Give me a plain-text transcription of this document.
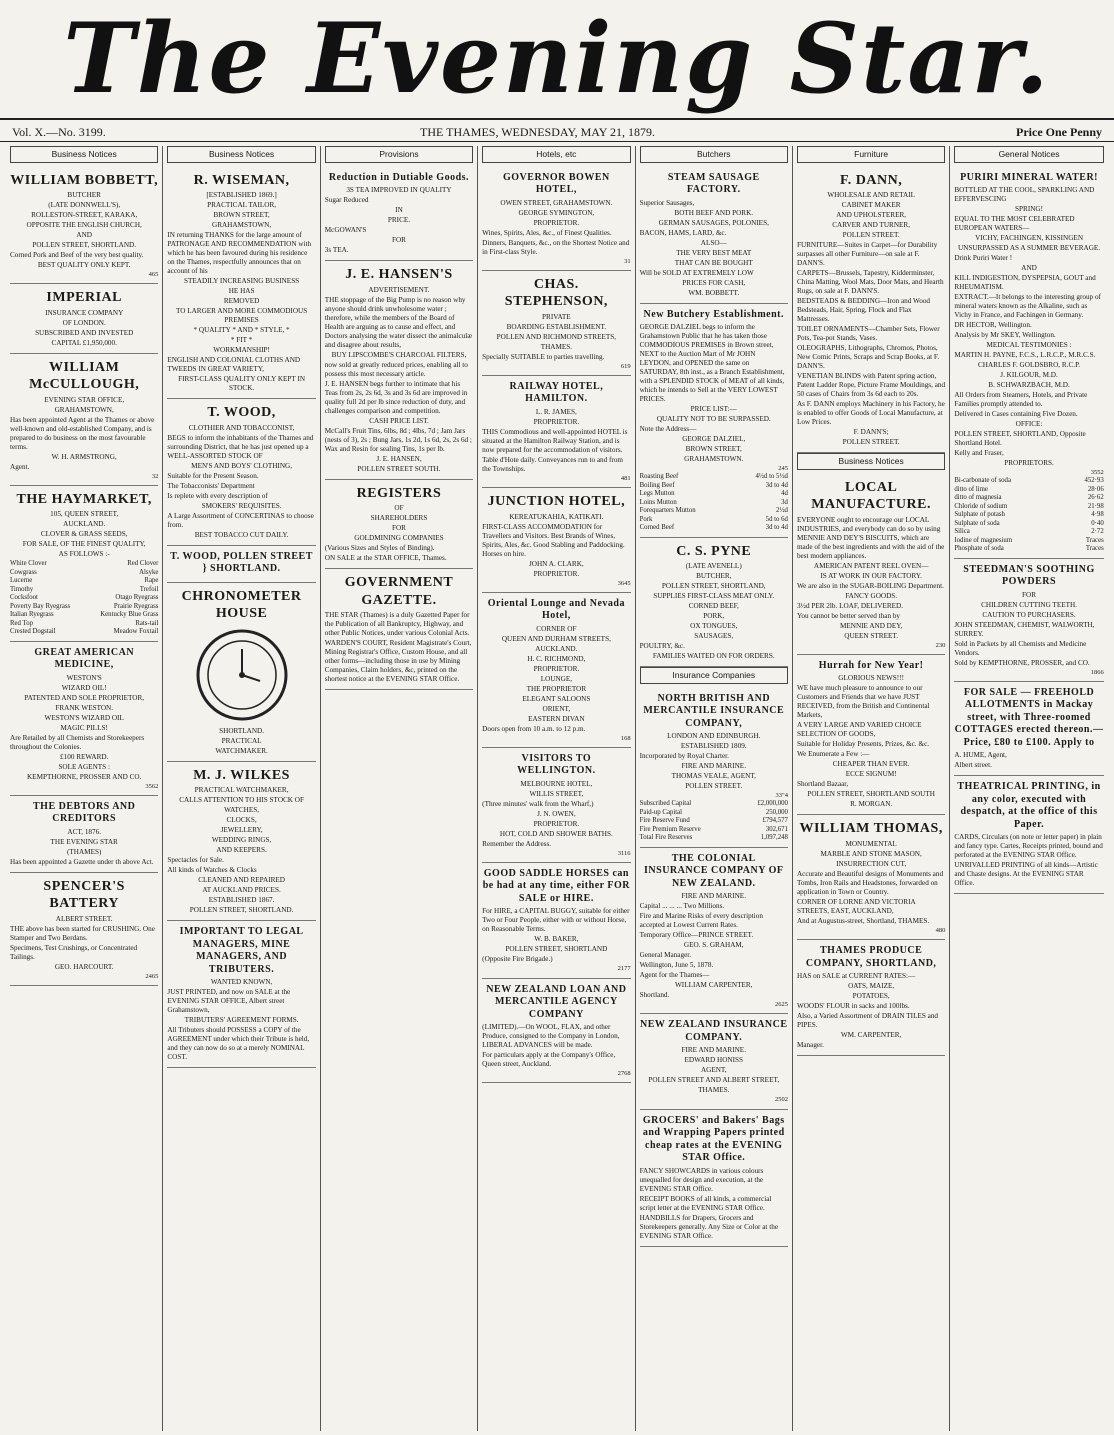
The Evening Star.
Vol. X.—No. 3199.	THE THAMES, WEDNESDAY, MAY 21, 1879.	Price One Penny
Business Notices
WILLIAM BOBBETT,

BUTCHER

(LATE DONNWELL'S),

ROLLESTON-STREET, KARAKA,

OPPOSITE THE ENGLISH CHURCH,

AND

POLLEN STREET, SHORTLAND.

Corned Pork and Beef of the very best quality.

BEST QUALITY ONLY KEPT.

465
IMPERIAL

INSURANCE COMPANY

OF LONDON.

SUBSCRIBED AND INVESTED

CAPITAL £1,950,000.

WILLIAM McCULLOUGH,

EVENING STAR OFFICE,

GRAHAMSTOWN,

Has been appointed Agent at the Thames or above well-known and old-established Company, and is prepared to do business on the most favourable terms.

W. H. ARMSTRONG,

Agent.

32
THE HAYMARKET,

105, QUEEN STREET,

AUCKLAND.

CLOVER & GRASS SEEDS,

FOR SALE, OF THE FINEST QUALITY,

AS FOLLOWS :-

White Clover	Red Clover
Cowgrass	Alsyke
Lucerne	Rape
Timothy	Trefoil
Cocksfoot	Otago Ryegrass
Poverty Bay Ryegrass	Prairie Ryegrass
Italian Ryegrass	Kentucky Blue Grass
Red Top	Rats-tail
Crested Dogstail	Meadow Foxtail
GREAT AMERICAN MEDICINE,

WESTON'S

WIZARD OIL!

PATENTED AND SOLE PROPRIETOR,

FRANK WESTON.

WESTON'S WIZARD OIL

MAGIC PILLS!

Are Retailed by all Chemists and Storekeepers throughout the Colonies.

£100 REWARD.

SOLE AGENTS :

KEMPTHORNE, PROSSER AND CO.

3562
THE DEBTORS AND CREDITORS

ACT, 1876.

THE EVENING STAR

(THAMES)

Has been appointed a Gazette under th above Act.

SPENCER'S BATTERY

ALBERT STREET.

THE above has been started for CRUSHING. One Stamper and Two Berdans.

Specimens, Test Crushings, or Concentrated Tailings.

GEO. HARCOURT.

2465
Business Notices
R. WISEMAN,

[ESTABLISHED 1869.]

PRACTICAL TAILOR,

BROWN STREET,

GRAHAMSTOWN,

IN returning THANKS for the large amount of PATRONAGE AND RECOMMENDATION with which he has been favoured during his residence on the Thames, respectfully announces that on account of his

STEADILY INCREASING BUSINESS

HE HAS

REMOVED

TO LARGER AND MORE COMMODIOUS PREMISES

* QUALITY * AND * STYLE, *

* FIT *

WORKMANSHIP!

ENGLISH AND COLONIAL CLOTHS AND TWEEDS IN GREAT VARIETY,

FIRST-CLASS QUALITY ONLY KEPT IN STOCK.

T. WOOD,

CLOTHIER AND TOBACCONIST,

BEGS to inform the inhabitants of the Thames and surrounding District, that he has just opened up a WELL-ASSORTED STOCK OF

MEN'S AND BOYS' CLOTHING,

Suitable for the Present Season.

The Tobacconists' Department

Is replete with every description of

SMOKERS' REQUISITES.

A Large Assortment of CONCERTINAS to choose from.

BEST TOBACCO CUT DAILY.

T. WOOD, POLLEN STREET } SHORTLAND.
CHRONOMETER HOUSE

SHORTLAND.

PRACTICAL

WATCHMAKER.

M. J. WILKES

PRACTICAL WATCHMAKER,

CALLS ATTENTION TO HIS STOCK OF

WATCHES,

CLOCKS,

JEWELLERY,

WEDDING RINGS,

AND KEEPERS.

Spectacles for Sale.

All kinds of Watches & Clocks

CLEANED AND REPAIRED

AT AUCKLAND PRICES.

ESTABLISHED 1867.

POLLEN STREET, SHORTLAND.

IMPORTANT TO LEGAL MANAGERS, MINE MANAGERS, AND TRIBUTERS.

WANTED KNOWN,

JUST PRINTED, and now on SALE at the EVENING STAR OFFICE, Albert street Grahamstown,

TRIBUTERS' AGREEMENT FORMS.

All Tributers should POSSESS a COPY of the AGREEMENT under which their Tribute is held, and they can now do so at a merely NOMINAL COST.

Provisions
Reduction in Dutiable Goods.

3S TEA IMPROVED IN QUALITY

Sugar Reduced

IN

PRICE.

McGOWAN'S

FOR

3s TEA.

J. E. HANSEN'S

ADVERTISEMENT.

THE stoppage of the Big Pump is no reason why anyone should drink unwholesome water ; therefore, while the members of the Board of Health are arguing as to cause and effect, and Doctors analysing the water dissect the animalculæ and disagree about results,

BUY LIPSCOMBE'S CHARCOAL FILTERS,

now sold at greatly reduced prices, enabling all to possess this most necessary article.

J. E. HANSEN begs further to intimate that his Teas from 2s, 2s 6d, 3s and 3s 6d are improved in quality full 2d per lb since reduction of duty, and challenges comparison and competition.

CASH PRICE LIST.

McCall's Fruit Tins, 6lbs, 8d ; 4lbs, 7d ; Jam Jars (nests of 3), 2s ; Bung Jars, 1s 2d, 1s 6d, 2s, 2s 6d ; Wax and Resin for sealing Tins, 1s per lb.

J. E. HANSEN,

POLLEN STREET SOUTH.

REGISTERS

OF

SHAREHOLDERS

FOR

GOLDMINING COMPANIES

(Various Sizes and Styles of Binding).

ON SALE at the STAR OFFICE, Thames.

GOVERNMENT GAZETTE.

THE STAR (Thames) is a duly Gazetted Paper for the Publication of all Bankruptcy, Highway, and other Public Notices, under various Colonial Acts.

WARDEN'S COURT, Resident Magistrate's Court, Mining Registrar's Office, Custom House, and all other forms—including those in use by Mining Companies, Claim holders, &c, printed on the shortest notice at the EVENING STAR Office.

Hotels, etc
GOVERNOR BOWEN HOTEL,

OWEN STREET, GRAHAMSTOWN.

GEORGE SYMINGTON,

PROPRIETOR.

Wines, Spirits, Ales, &c., of Finest Qualities.

Dinners, Banquets, &c., on the Shortest Notice and in First-class Style.

31
CHAS. STEPHENSON,

PRIVATE

BOARDING ESTABLISHMENT.

POLLEN AND RICHMOND STREETS,

THAMES.

Specially SUITABLE to parties travelling.

619
RAILWAY HOTEL, HAMILTON.

L. R. JAMES,

PROPRIETOR.

THIS Commodious and well-appointed HOTEL is situated at the Hamilton Railway Station, and is now prepared for the accommodation of visitors.

Table d'Hote daily. Conveyances run to and from the Townships.

481
JUNCTION HOTEL,

KEREATUKAHIA, KATIKATI.

FIRST-CLASS ACCOMMODATION for Travellers and Visitors. Best Brands of Wines, Spirits, Ales, &c. Good Stabling and Paddocking. Horses on hire.

JOHN A. CLARK,

PROPRIETOR.

3645
Oriental Lounge and Nevada Hotel,

CORNER OF

QUEEN AND DURHAM STREETS,

AUCKLAND.

H. C. RICHMOND,

PROPRIETOR.

LOUNGE,

THE PROPRIETOR

ELEGANT SALOONS

ORIENT,

EASTERN DIVAN

Doors open from 10 a.m. to 12 p.m.

168
VISITORS TO WELLINGTON.

MELBOURNE HOTEL,

WILLIS STREET,

(Three minutes' walk from the Wharf,)

J. N. OWEN,

PROPRIETOR.

HOT, COLD AND SHOWER BATHS.

Remember the Address.

3116
GOOD SADDLE HORSES can be had at any time, either FOR SALE or HIRE.

For HIRE, a CAPITAL BUGGY, suitable for either Two or Four People, either with or without Horse, on Reasonable Terms.

W. B. BAKER,

POLLEN STREET, SHORTLAND

(Opposite Fire Brigade.)

2177
NEW ZEALAND LOAN AND MERCANTILE AGENCY COMPANY

(LIMITED).—On WOOL, FLAX, and other Produce, consigned to the Company in London, LIBERAL ADVANCES will be made.

For particulars apply at the Company's Office, Queen street, Auckland.

2768
Butchers
STEAM SAUSAGE FACTORY.

Superior Sausages,

BOTH BEEF AND PORK.

GERMAN SAUSAGES, POLONIES,

BACON, HAMS, LARD, &c.

ALSO—

THE VERY BEST MEAT

THAT CAN BE BOUGHT

Will be SOLD AT EXTREMELY LOW

PRICES FOR CASH,

WM. BOBBETT.

New Butchery Establishment.

GEORGE DALZIEL begs to inform the Grahamstown Public that he has taken those COMMODIOUS PREMISES in Brown street, NEXT to the Auction Mart of Mr JOHN LEYDON, and OPENED the same on SATURDAY, 8th inst., as a Branch Establishment, with a SPLENDID STOCK of MEAT of all kinds, which he intends to Sell at the VERY LOWEST PRICES.

PRICE LIST:—

QUALITY NOT TO BE SURPASSED.

Note the Address—

GEORGE DALZIEL,

BROWN STREET,

GRAHAMSTOWN.

245
Roasting Beef	4½d to 5½d
Boiling Beef	3d to 4d
Legs Mutton	4d
Loins Mutton	3d
Forequarters Mutton	2½d
Pork	5d to 6d
Corned Beef	3d to 4d
C. S. PYNE

(LATE AVENELL)

BUTCHER,

POLLEN STREET, SHORTLAND,

SUPPLIES FIRST-CLASS MEAT ONLY.

CORNED BEEF,

PORK,

OX TONGUES,

SAUSAGES,

POULTRY, &c.

FAMILIES WAITED ON FOR ORDERS.

Insurance Companies
NORTH BRITISH AND MERCANTILE INSURANCE COMPANY,

LONDON AND EDINBURGH.

ESTABLISHED 1809.

Incorporated by Royal Charter.

FIRE AND MARINE.

THOMAS VEALE, AGENT,

POLLEN STREET.

33"4
Subscribed Capital	£2,000,000
Paid-up Capital	250,000
Fire Reserve Fund	£794,577
Fire Premium Reserve	302,671
Total Fire Reserves	1,097,248
THE COLONIAL INSURANCE COMPANY OF NEW ZEALAND.

FIRE AND MARINE.

Capital ... ... ... Two Millions.

Fire and Marine Risks of every description accepted at Lowest Current Rates.

Temporary Office—PRINCE STREET.

GEO. S. GRAHAM,

General Manager.

Wellington, June 5, 1878.

Agent for the Thames—

WILLIAM CARPENTER,

Shortland.

2625
NEW ZEALAND INSURANCE COMPANY.

FIRE AND MARINE.

EDWARD HONISS

AGENT,

POLLEN STREET AND ALBERT STREET,

THAMES.

2502
GROCERS' and Bakers' Bags and Wrapping Papers printed cheap rates at the EVENING STAR Office.

FANCY SHOWCARDS in various colours unequalled for design and execution, at the EVENING STAR Office.

RECEIPT BOOKS of all kinds, a commercial script letter at the EVENING STAR Office.

HANDBILLS for Drapers, Grocers and Storekeepers generally. Any Size or Color at the EVENING STAR Office.

Furniture
F. DANN,

WHOLESALE AND RETAIL

CABINET MAKER

AND UPHOLSTERER,

CARVER AND TURNER,

POLLEN STREET.

FURNITURE—Suites in Carpet—for Durability surpasses all other Furniture—on sale at F. DANN'S.

CARPETS—Brussels, Tapestry, Kidderminster, China Matting, Wool Mats, Door Mats, and Hearth Rugs, on sale at F. DANN'S.

BEDSTEADS & BEDDING—Iron and Wood Bedsteads, Hair, Spring, Flock and Flax Mattresses.

TOILET ORNAMENTS—Chamber Sets, Flower Pots, Tea-pot Stands, Vases.

OLEOGRAPHS, Lithographs, Chromos, Photos, New Comic Prints, Scraps and Scrap Books, at F. DANN'S.

VENETIAN BLINDS with Patent spring action, Patent Ladder Rope, Picture Frame Mouldings, and 50 cases of Chairs from 3s 6d each to 20s.

As F. DANN employs Machinery in his Factory, he is enabled to offer Goods of Local Manufacture, at Low Prices.

F. DANN'S;

POLLEN STREET.

Business Notices
LOCAL MANUFACTURE.

EVERYONE ought to encourage our LOCAL INDUSTRIES, and everybody can do so by using MENNIE AND DEY'S BISCUITS, which are made of the best ingredients and with the aid of the best modern appliances.

AMERICAN PATENT REEL OVEN—

IS AT WORK IN OUR FACTORY.

We are also in the SUGAR-BOILING Department.

FANCY GOODS.

3½d PER 2lb. LOAF, DELIVERED.

You cannot be better served than by

MENNIE AND DEY,

QUEEN STREET.

230
Hurrah for New Year!

GLORIOUS NEWS!!!

WE have much pleasure to announce to our Customers and Friends that we have JUST RECEIVED, from the British and Continental Markets,

A VERY LARGE AND VARIED CHOICE SELECTION OF GOODS,

Suitable for Holiday Presents, Prizes, &c. &c.

We Enumerate a Few :—

CHEAPER THAN EVER.

ECCE SIGNUM!

Shortland Bazaar,

POLLEN STREET, SHORTLAND SOUTH

R. MORGAN.

WILLIAM THOMAS,

MONUMENTAL

MARBLE AND STONE MASON,

INSURRECTION CUT,

Accurate and Beautiful designs of Monuments and Tombs, Iron Rails and Headstones, forwarded on application in Town or Country.

CORNER OF LORNE AND VICTORIA STREETS, EAST, AUCKLAND,

And at Augustus-street, Shortland, THAMES.

480
THAMES PRODUCE COMPANY, SHORTLAND,

HAS on SALE at CURRENT RATES:—

OATS, MAIZE,

POTATOES,

WOODS' FLOUR in sacks and 100lbs.

Also, a Varied Assortment of DRAIN TILES and PIPES.

WM. CARPENTER,

Manager.

General Notices
PURIRI MINERAL WATER!

BOTTLED AT THE COOL, SPARKLING AND EFFERVESCING

SPRING!

EQUAL TO THE MOST CELEBRATED EUROPEAN WATERS—

VICHY, FACHINGEN, KISSINGEN

UNSURPASSED AS A SUMMER BEVERAGE.

Drink Puriri Water !

AND

KILL INDIGESTION, DYSPEPSIA, GOUT and RHEUMATISM.

EXTRACT.—It belongs to the interesting group of mineral waters known as the Alkaline, such as Vichy in France, and Fachingen in Germany.

DR HECTOR, Wellington.

Analysis by Mr SKEY, Wellington.

MEDICAL TESTIMONIES :

MARTIN H. PAYNE, F.C.S., L.R.C.P., M.R.C.S.

CHARLES F. GOLDSBRO, R.C.P.

J. KILGOUR, M.D.

B. SCHWARZBACH, M.D.

All Orders from Steamers, Hotels, and Private Families promptly attended to.

Delivered in Cases containing Five Dozen.

OFFICE:

POLLEN STREET, SHORTLAND, Opposite Shortland Hotel.

Kelly and Fraser,

PROPRIETORS.

3552
Bi-carbonate of soda	452·93
ditto of lime	28·06
ditto of magnesia	26·62
Chloride of sodium	21·98
Sulphate of potash	4·98
Sulphate of soda	0·40
Silica	2·72
Iodine of magnesium	Traces
Phosphate of soda	Traces
STEEDMAN'S SOOTHING POWDERS

FOR

CHILDREN CUTTING TEETH.

CAUTION TO PURCHASERS.

JOHN STEEDMAN, CHEMIST, WALWORTH, SURREY.

Sold in Packets by all Chemists and Medicine Vendors.

Sold by KEMPTHORNE, PROSSER, and CO.

1866
FOR SALE — FREEHOLD ALLOTMENTS in Mackay street, with Three-roomed COTTAGES erected thereon.—Price, £80 to £100. Apply to

A. HUME, Agent,

Albert street.

THEATRICAL PRINTING, in any color, executed with despatch, at the office of this Paper.

CARDS, Circulars (on note or letter paper) in plain and fancy type. Cartes, Receipts printed, bound and perforated at the EVENING STAR Office.

UNRIVALLED PRINTING of all kinds—Artistic and Chaste designs. At the EVENING STAR Office.
